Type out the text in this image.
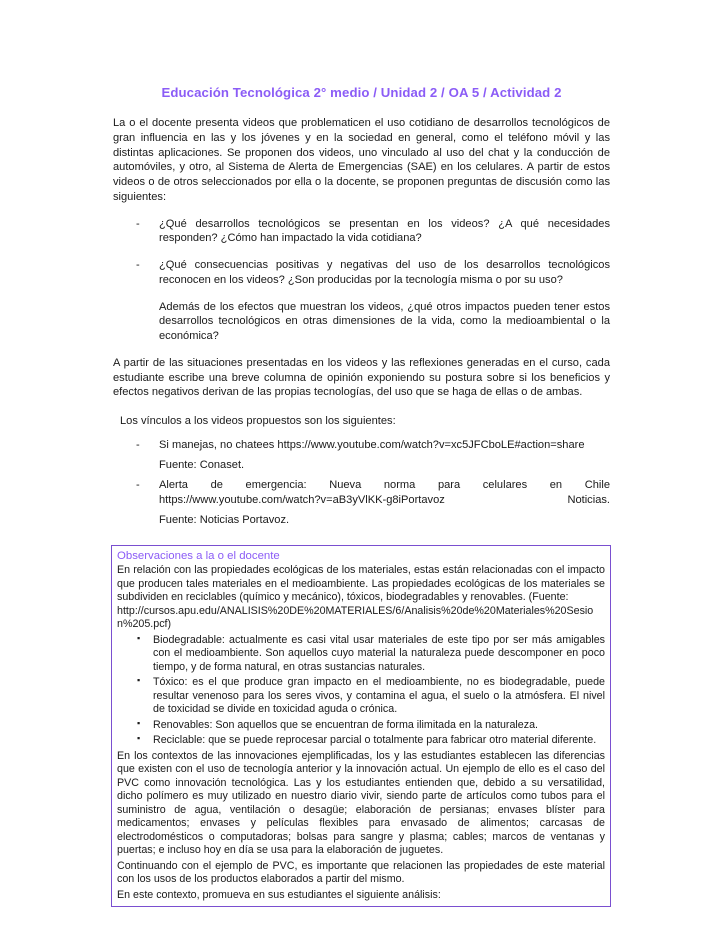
Educación Tecnológica 2° medio / Unidad 2 / OA 5 / Actividad 2

La o el docente presenta videos que problematicen el uso cotidiano de desarrollos tecnológicos de gran influencia en las y los jóvenes y en la sociedad en general, como el teléfono móvil y las distintas aplicaciones. Se proponen dos videos, uno vinculado al uso del chat y la conducción de automóviles, y otro, al Sistema de Alerta de Emergencias (SAE) en los celulares. A partir de estos videos o de otros seleccionados por ella o la docente, se proponen preguntas de discusión como las siguientes:

- ¿Qué desarrollos tecnológicos se presentan en los videos? ¿A qué necesidades responden? ¿Cómo han impactado la vida cotidiana?
- ¿Qué consecuencias positivas y negativas del uso de los desarrollos tecnológicos reconocen en los videos? ¿Son producidas por la tecnología misma o por su uso?

Además de los efectos que muestran los videos, ¿qué otros impactos pueden tener estos desarrollos tecnológicos en otras dimensiones de la vida, como la medioambiental o la económica?

A partir de las situaciones presentadas en los videos y las reflexiones generadas en el curso, cada estudiante escribe una breve columna de opinión exponiendo su postura sobre si los beneficios y efectos negativos derivan de las propias tecnologías, del uso que se haga de ellas o de ambas.

Los vínculos a los videos propuestos son los siguientes:

- Si manejas, no chatees https://www.youtube.com/watch?v=xc5JFCboLE#action=share
Fuente: Conaset.
- Alerta de emergencia: Nueva norma para celulares en Chile https://www.youtube.com/watch?v=aB3yVlKK-g8iPortavoz Noticias.
Fuente: Noticias Portavoz.

Observaciones a la o el docente

En relación con las propiedades ecológicas de los materiales, estas están relacionadas con el impacto que producen tales materiales en el medioambiente. Las propiedades ecológicas de los materiales se subdividen en reciclables (químico y mecánico), tóxicos, biodegradables y renovables. (Fuente:

http://cursos.apu.edu/ANALISIS%20DE%20MATERIALES/6/Analisis%20de%20Materiales%20Sesion%205.pcf)
▪ Biodegradable: actualmente es casi vital usar materiales de este tipo por ser más amigables con el medioambiente. Son aquellos cuyo material la naturaleza puede descomponer en poco tiempo, y de forma natural, en otras sustancias naturales.
▪ Tóxico: es el que produce gran impacto en el medioambiente, no es biodegradable, puede resultar venenoso para los seres vivos, y contamina el agua, el suelo o la atmósfera. El nivel de toxicidad se divide en toxicidad aguda o crónica.
▪ Renovables: Son aquellos que se encuentran de forma ilimitada en la naturaleza.
▪ Reciclable: que se puede reprocesar parcial o totalmente para fabricar otro material diferente.

En los contextos de las innovaciones ejemplificadas, los y las estudiantes establecen las diferencias que existen con el uso de tecnología anterior y la innovación actual. Un ejemplo de ello es el caso del PVC como innovación tecnológica. Las y los estudiantes entienden que, debido a su versatilidad, dicho polímero es muy utilizado en nuestro diario vivir, siendo parte de artículos como tubos para el suministro de agua, ventilación o desagüe; elaboración de persianas; envases blíster para medicamentos; envases y películas flexibles para envasado de alimentos; carcasas de electrodomésticos o computadoras; bolsas para sangre y plasma; cables; marcos de ventanas y puertas; e incluso hoy en día se usa para la elaboración de juguetes.

Continuando con el ejemplo de PVC, es importante que relacionen las propiedades de este material con los usos de los productos elaborados a partir del mismo.

En este contexto, promueva en sus estudiantes el siguiente análisis:
